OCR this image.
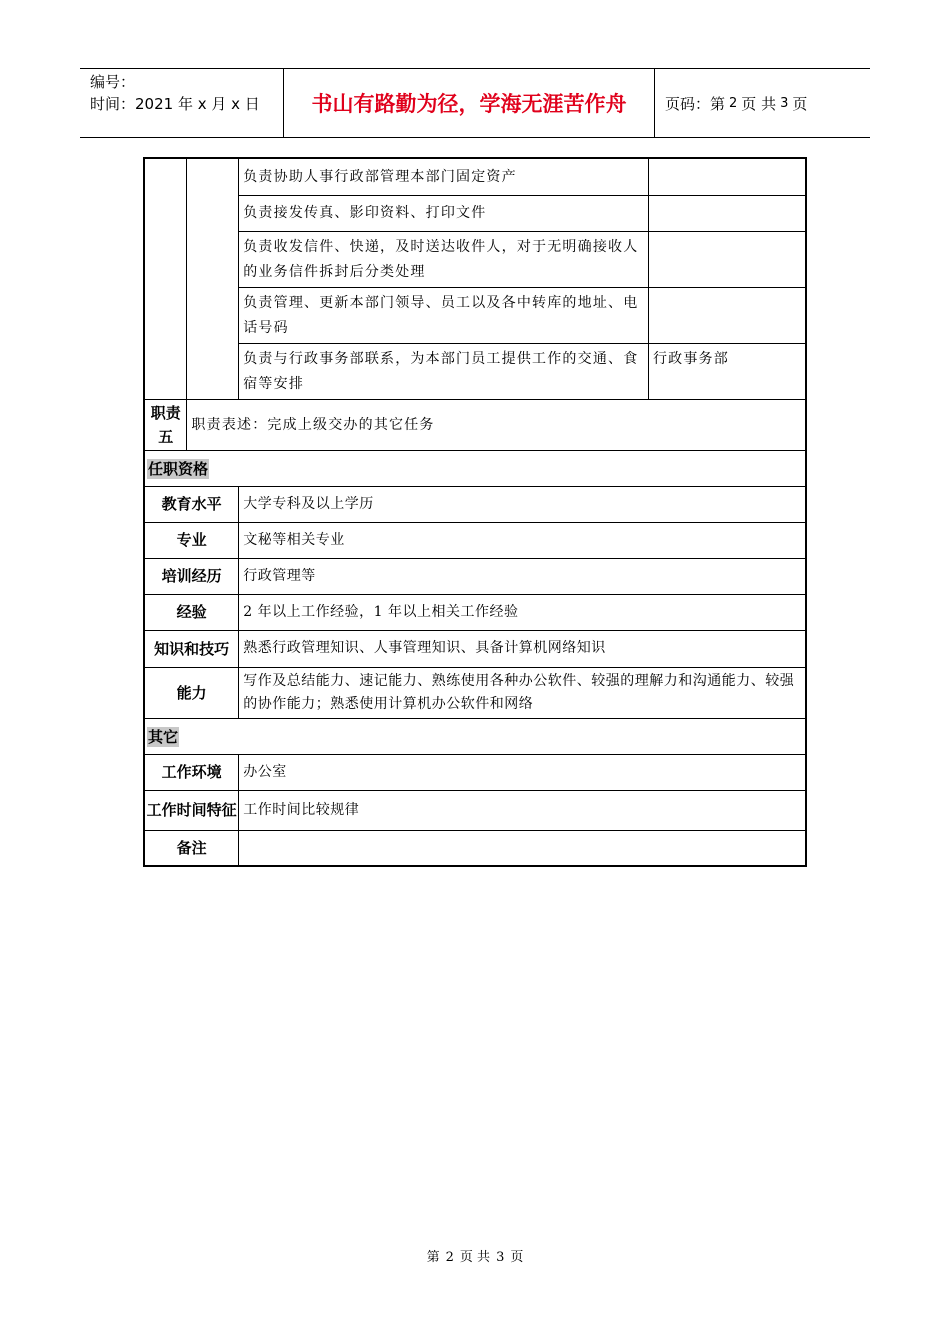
编号：
时间：2021 年 x 月 x 日	书山有路勤为径，学海无涯苦作舟	页码：第 2 页 共 3 页
		负责协助人事行政部管理本部门固定资产	
		负责接发传真、影印资料、打印文件	
		负责收发信件、快递，及时送达收件人，对于无明确接收人的业务信件拆封后分类处理	
		负责管理、更新本部门领导、员工以及各中转库的地址、电话号码	
		负责与行政事务部联系，为本部门员工提供工作的交通、食宿等安排	行政事务部
职责五	职责表述：完成上级交办的其它任务		
任职资格			
教育水平		大学专科及以上学历	
专业		文秘等相关专业	
培训经历		行政管理等	
经验		2 年以上工作经验，1 年以上相关工作经验	
知识和技巧		熟悉行政管理知识、人事管理知识、具备计算机网络知识	
能力		写作及总结能力、速记能力、熟练使用各种办公软件、较强的理解力和沟通能力、较强的协作能力；熟悉使用计算机办公软件和网络	
其它			
工作环境		办公室	
工作时间特征		工作时间比较规律	
备注			
第 2 页 共 3 页
